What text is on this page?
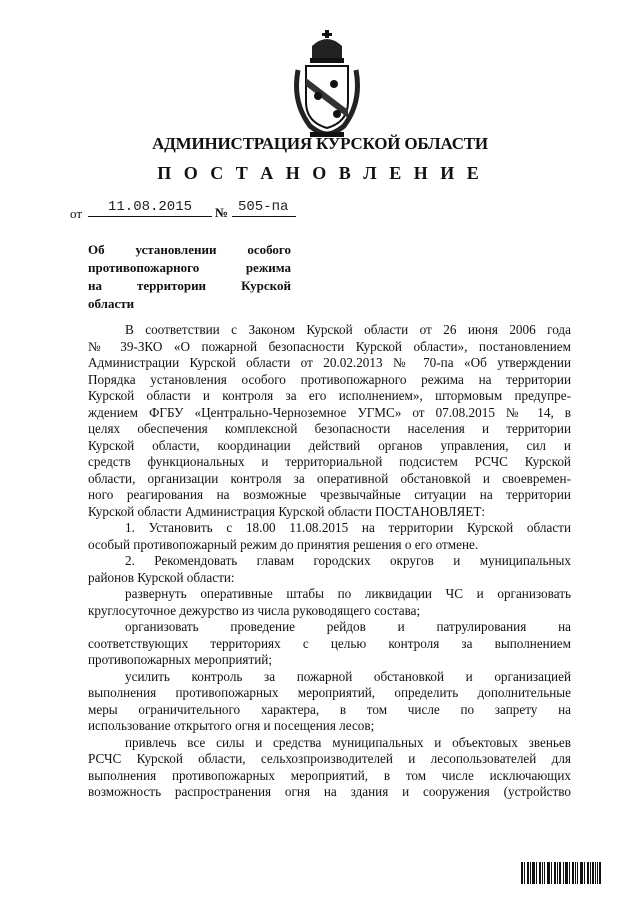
АДМИНИСТРАЦИЯ КУРСКОЙ ОБЛАСТИ
П О С Т А Н О В Л Е Н И Е
от 11.08.2015 № 505-па
Об установлении особого
противопожарного	режима
на	территории	Курской
области
В соответствии с Законом Курской области от 26 июня 2006 года
№ 39-ЗКО «О пожарной безопасности Курской области», постановлением
Администрации Курской области от 20.02.2013 № 70-па «Об утверждении
Порядка установления особого противопожарного режима на территории
Курской области и контроля за его исполнением», штормовым предупре-
ждением ФГБУ «Центрально-Черноземное УГМС» от 07.08.2015 № 14, в
целях обеспечения комплексной безопасности населения и территории
Курской области, координации действий органов управления, сил и
средств функциональных и территориальной подсистем РСЧС Курской
области, организации контроля за оперативной обстановкой и своевремен-
ного реагирования на возможные чрезвычайные ситуации на территории
Курской области Администрация Курской области ПОСТАНОВЛЯЕТ:
1. Установить с 18.00 11.08.2015 на территории Курской области
особый противопожарный режим до принятия решения о его отмене.
2. Рекомендовать главам городских округов и муниципальных
районов Курской области:
развернуть оперативные штабы по ликвидации ЧС и организовать
круглосуточное дежурство из числа руководящего состава;
организовать проведение рейдов и патрулирования на
соответствующих территориях с целью контроля за выполнением
противопожарных мероприятий;
усилить контроль за пожарной обстановкой и организацией
выполнения противопожарных мероприятий, определить дополнительные
меры ограничительного характера, в том числе по запрету на
использование открытого огня и посещения лесов;
привлечь все силы и средства муниципальных и объектовых звеньев
РСЧС Курской области, сельхозпроизводителей и лесопользователей для
выполнения противопожарных мероприятий, в том числе исключающих
возможность распространения огня на здания и сооружения (устройство
